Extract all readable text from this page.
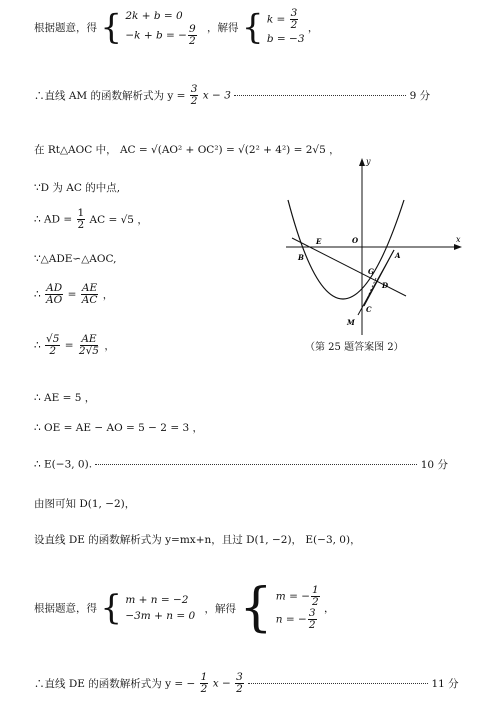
根据题意，得 { 2k + b = 0
−k + b = − $\frac{9}{2}$ ，解得 { $k = \frac{3}{2}$
b = −3
，
∴直线 AM 的函数解析式为 $y = \frac{3}{2}$ x − 3	9 分
在 Rt△AOC 中， AC = √(AO² + OC²) = √(2² + 4²) = 2√5 ，
∵D 为 AC 的中点,
∴ AD = $\frac{1}{2}$ AC = √5 ，
∵△ADE∽△AOC,
∴ $\frac{AD}{AO} = \frac{AE}{AC}$ ，
∴ $\frac{√5}{2} = \frac{AE}{2√5}$ ，
∴ AE = 5 ，
∴ OE = AE − AO = 5 − 2 = 3 ，
∴ E(−3, 0).	10 分
由图可知 D(1, −2)，
设直线 DE 的函数解析式为 y=mx+n，且过 D(1, −2)， E(−3, 0)，
根据题意，得 { m + n = −2
−3m + n = 0
，解得 { m = − $\frac{1}{2}$
n = − $\frac{3}{2}$ ，
∴直线 DE 的函数解析式为 y = − $\frac{1}{2}$ $x - \frac{3}{2}$	11 分
x
y
O
E
B	A
G
D
C
M
（第 25 题答案图 2）
